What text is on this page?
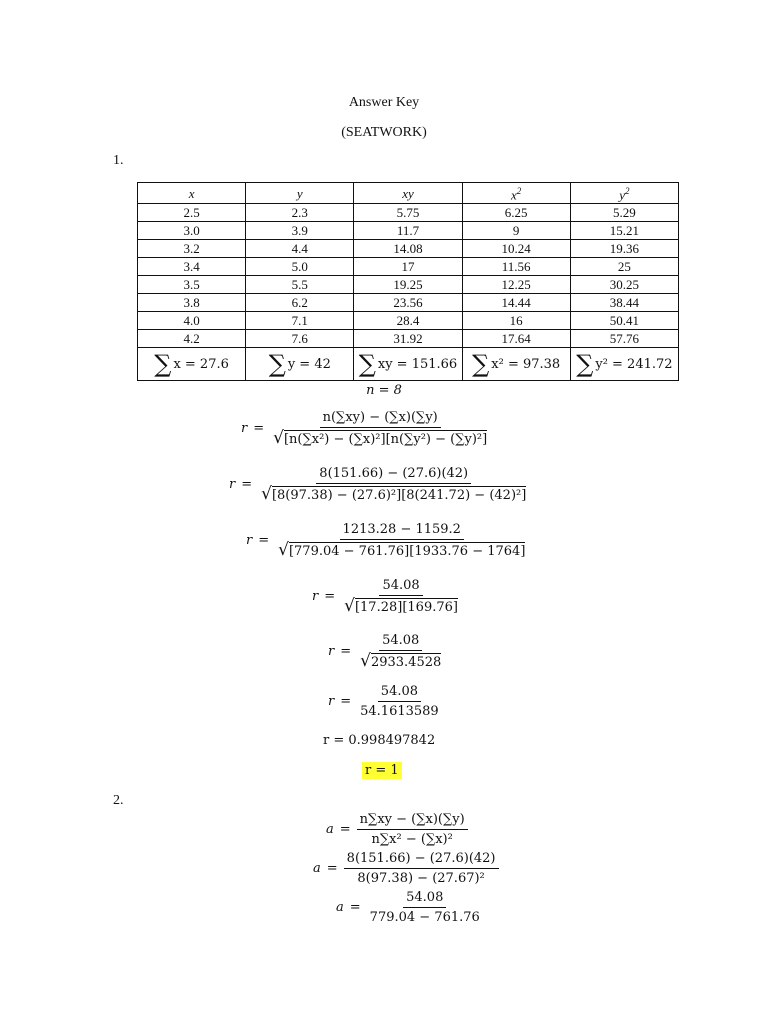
Answer Key
(SEATWORK)
1.
x	y	xy	$x^2$	$y^2$
2.5	2.3	5.75	6.25	5.29
3.0	3.9	11.7	9	15.21
3.2	4.4	14.08	10.24	19.36
3.4	5.0	17	11.56	25
3.5	5.5	19.25	12.25	30.25
3.8	6.2	23.56	14.44	38.44
4.0	7.1	28.4	16	50.41
4.2	7.6	31.92	17.64	57.76
∑ x = 27.6	∑ y = 42	∑ xy = 151.66	∑ x² = 97.38	∑ y² = 241.72
n = 8
$r = \frac{n(\sum xy) - (\sum x)(\sum y)}{\text{√ [n(∑x²) − (∑x)²][n(∑y²) − (∑y)²]}}$
$r = \frac{8(151.66) - (27.6)(42)}{\text{√ [8(97.38) − (27.6)²][8(241.72) − (42)²]}}$
$r = \frac{1213.28 - 1159.2}{√ [779.04 - 761.76][1933.76 - 1764]}$
$r = \frac{54.08}{√ [17.28][169.76]}$
$r = \frac{54.08}{√ 2933.4528}$
$r = \frac{54.08}{54.1613589}$
r = 0.998497842
r = 1
2.
$a = \frac{n\sum xy - (\sum x)(\sum y)}{\text{n∑x² − (∑x)²}}$
$a = \frac{8(151.66) - (27.6)(42)}{\text{8(97.38) − (27.67)²}}$
$a = \frac{54.08}{779.04 - 761.76}$
